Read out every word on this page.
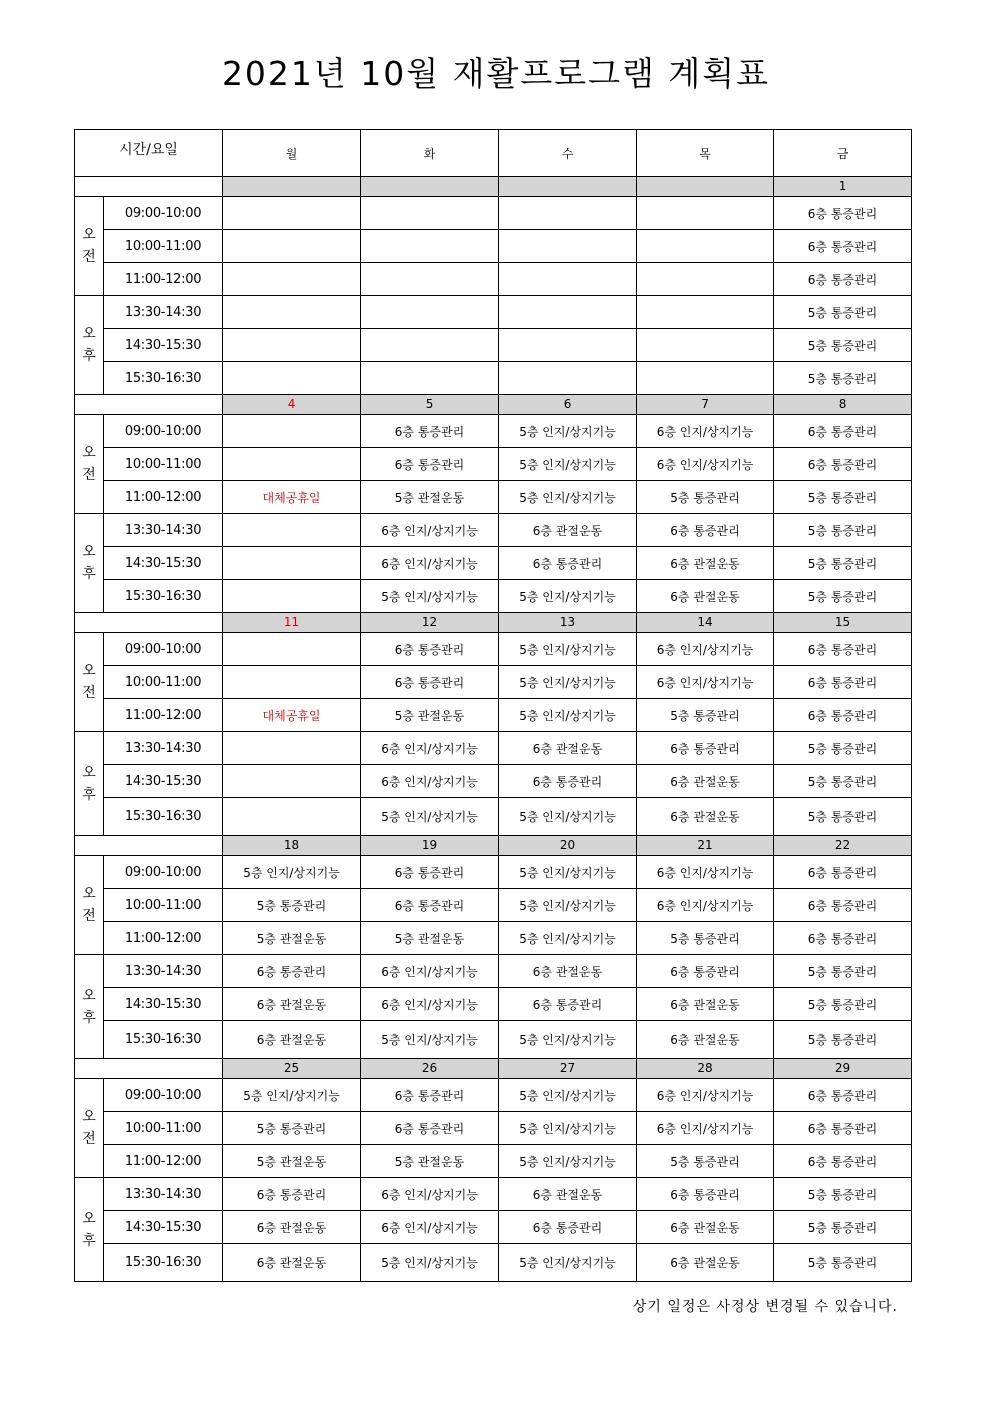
2021년 10월 재활프로그램 계획표
시간/요일		월	화	수	목	금
						1

오
전	09:00-10:00					6층 통증관리
	10:00-11:00					6층 통증관리
	11:00-12:00					6층 통증관리

오
후	13:30-14:30					5층 통증관리
	14:30-15:30					5층 통증관리
	15:30-16:30					5층 통증관리
		4	5	6	7	8

오
전	09:00-10:00		6층 통증관리	5층 인지/상지기능	6층 인지/상지기능	6층 통증관리
	10:00-11:00		6층 통증관리	5층 인지/상지기능	6층 인지/상지기능	6층 통증관리
	11:00-12:00	대체공휴일	5층 관절운동	5층 인지/상지기능	5층 통증관리	5층 통증관리

오
후	13:30-14:30		6층 인지/상지기능	6층 관절운동	6층 통증관리	5층 통증관리
	14:30-15:30		6층 인지/상지기능	6층 통증관리	6층 관절운동	5층 통증관리
	15:30-16:30		5층 인지/상지기능	5층 인지/상지기능	6층 관절운동	5층 통증관리
		11	12	13	14	15

오
전	09:00-10:00		6층 통증관리	5층 인지/상지기능	6층 인지/상지기능	6층 통증관리
	10:00-11:00		6층 통증관리	5층 인지/상지기능	6층 인지/상지기능	6층 통증관리
	11:00-12:00	대체공휴일	5층 관절운동	5층 인지/상지기능	5층 통증관리	6층 통증관리

오
후	13:30-14:30		6층 인지/상지기능	6층 관절운동	6층 통증관리	5층 통증관리
	14:30-15:30		6층 인지/상지기능	6층 통증관리	6층 관절운동	5층 통증관리
	15:30-16:30		5층 인지/상지기능	5층 인지/상지기능	6층 관절운동	5층 통증관리
		18	19	20	21	22

오
전	09:00-10:00	5층 인지/상지기능	6층 통증관리	5층 인지/상지기능	6층 인지/상지기능	6층 통증관리
	10:00-11:00	5층 통증관리	6층 통증관리	5층 인지/상지기능	6층 인지/상지기능	6층 통증관리
	11:00-12:00	5층 관절운동	5층 관절운동	5층 인지/상지기능	5층 통증관리	6층 통증관리

오
후	13:30-14:30	6층 통증관리	6층 인지/상지기능	6층 관절운동	6층 통증관리	5층 통증관리
	14:30-15:30	6층 관절운동	6층 인지/상지기능	6층 통증관리	6층 관절운동	5층 통증관리
	15:30-16:30	6층 관절운동	5층 인지/상지기능	5층 인지/상지기능	6층 관절운동	5층 통증관리
		25	26	27	28	29

오
전	09:00-10:00	5층 인지/상지기능	6층 통증관리	5층 인지/상지기능	6층 인지/상지기능	6층 통증관리
	10:00-11:00	5층 통증관리	6층 통증관리	5층 인지/상지기능	6층 인지/상지기능	6층 통증관리
	11:00-12:00	5층 관절운동	5층 관절운동	5층 인지/상지기능	5층 통증관리	6층 통증관리

오
후	13:30-14:30	6층 통증관리	6층 인지/상지기능	6층 관절운동	6층 통증관리	5층 통증관리
	14:30-15:30	6층 관절운동	6층 인지/상지기능	6층 통증관리	6층 관절운동	5층 통증관리
	15:30-16:30	6층 관절운동	5층 인지/상지기능	5층 인지/상지기능	6층 관절운동	5층 통증관리
상기 일정은 사정상 변경될 수 있습니다.
